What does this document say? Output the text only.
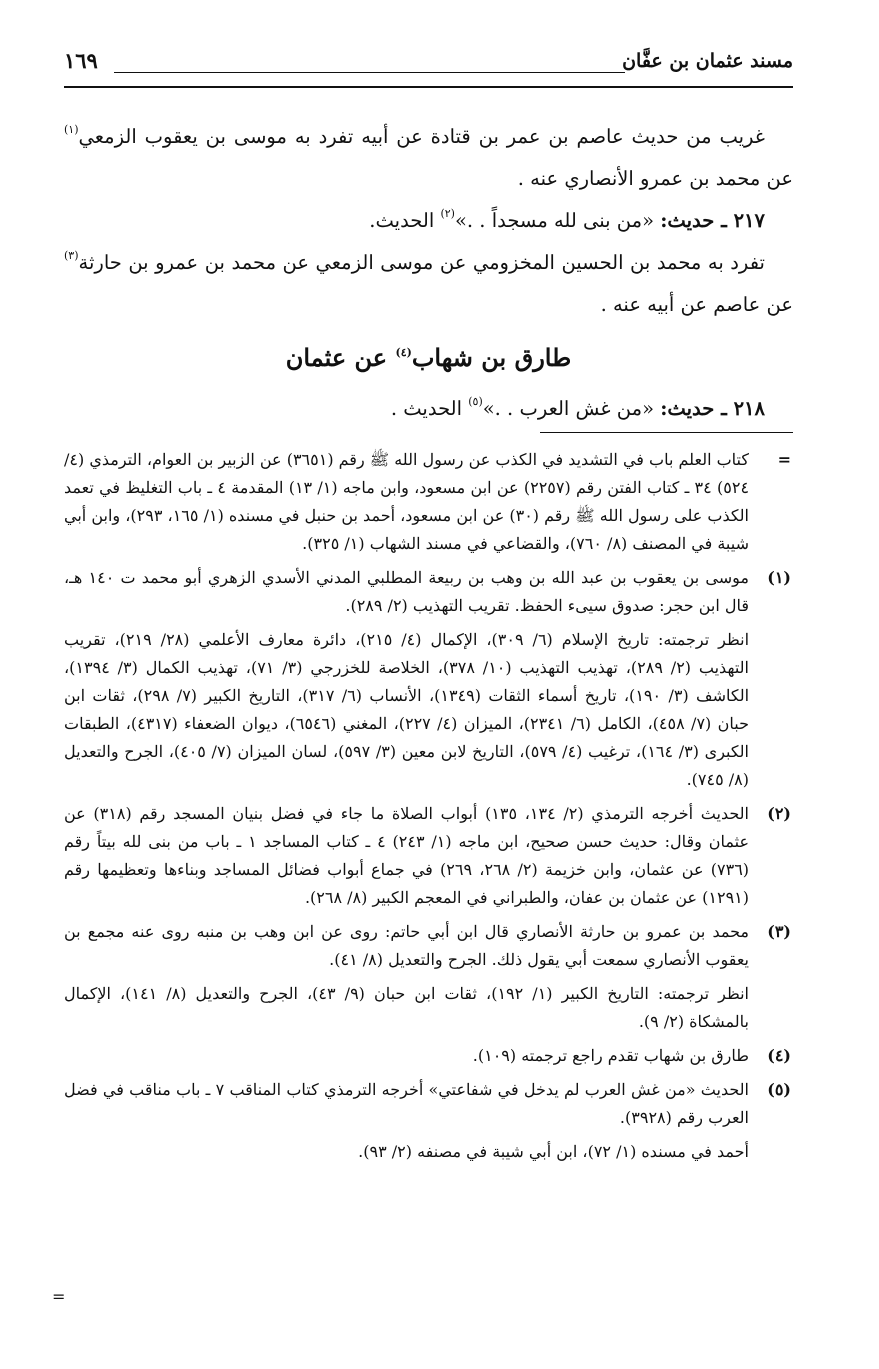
مسند عثمان بن عفَّان
١٦٩

غريب من حديث عاصم بن عمر بن قتادة عن أبيه تفرد به موسى بن يعقوب الزمعي$^{(١)}$ عن محمد بن عمرو الأنصاري عنه .

٢١٧ ـ حديث: «من بنى لله مسجداً . .»$^{(٢)}$ الحديث.

تفرد به محمد بن الحسين المخزومي عن موسى الزمعي عن محمد بن عمرو بن حارثة$^{(٣)}$ عن عاصم عن أبيه عنه .

طارق بن شهاب$^{(٤)}$ عن عثمان

٢١٨ ـ حديث: «من غش العرب . .»$^{(٥)}$ الحديث .

=

كتاب العلم باب في التشديد في الكذب عن رسول الله ﷺ رقم (٣٦٥١) عن الزبير بن العوام، الترمذي (٤/ ٥٢٤) ٣٤ ـ كتاب الفتن رقم (٢٢٥٧) عن ابن مسعود، وابن ماجه (١/ ١٣) المقدمة ٤ ـ باب التغليظ في تعمد الكذب على رسول الله ﷺ رقم (٣٠) عن ابن مسعود، أحمد بن حنبل في مسنده (١/ ١٦٥، ٢٩٣)، وابن أبي شيبة في المصنف (٨/ ٧٦٠)، والقضاعي في مسند الشهاب (١/ ٣٢٥).

(١)

موسى بن يعقوب بن عبد الله بن وهب بن ربيعة المطلبي المدني الأسدي الزهري أبو محمد ت ١٤٠ هـ، قال ابن حجر: صدوق سيىء الحفظ. تقريب التهذيب (٢/ ٢٨٩).

انظر ترجمته: تاريخ الإسلام (٦/ ٣٠٩)، الإكمال (٤/ ٢١٥)، دائرة معارف الأعلمي (٢٨/ ٢١٩)، تقريب التهذيب (٢/ ٢٨٩)، تهذيب التهذيب (١٠/ ٣٧٨)، الخلاصة للخزرجي (٣/ ٧١)، تهذيب الكمال (٣/ ١٣٩٤)، الكاشف (٣/ ١٩٠)، تاريخ أسماء الثقات (١٣٤٩)، الأنساب (٦/ ٣١٧)، التاريخ الكبير (٧/ ٢٩٨)، ثقات ابن حبان (٧/ ٤٥٨)، الكامل (٦/ ٢٣٤١)، الميزان (٤/ ٢٢٧)، المغني (٦٥٤٦)، ديوان الضعفاء (٤٣١٧)، الطبقات الكبرى (٣/ ١٦٤)، ترغيب (٤/ ٥٧٩)، التاريخ لابن معين (٣/ ٥٩٧)، لسان الميزان (٧/ ٤٠٥)، الجرح والتعديل (٨/ ٧٤٥).

(٢)

الحديث أخرجه الترمذي (٢/ ١٣٤، ١٣٥) أبواب الصلاة ما جاء في فضل بنيان المسجد رقم (٣١٨) عن عثمان وقال: حديث حسن صحيح، ابن ماجه (١/ ٢٤٣) ٤ ـ كتاب المساجد ١ ـ باب من بنى لله بيتاً رقم (٧٣٦) عن عثمان، وابن خزيمة (٢/ ٢٦٨، ٢٦٩) في جماع أبواب فضائل المساجد وبناءها وتعظيمها رقم (١٢٩١) عن عثمان بن عفان، والطبراني في المعجم الكبير (٨/ ٢٦٨).

(٣)

محمد بن عمرو بن حارثة الأنصاري قال ابن أبي حاتم: روى عن ابن وهب بن منبه روى عنه مجمع بن يعقوب الأنصاري سمعت أبي يقول ذلك. الجرح والتعديل (٨/ ٤١).

انظر ترجمته: التاريخ الكبير (١/ ١٩٢)، ثقات ابن حبان (٩/ ٤٣)، الجرح والتعديل (٨/ ١٤١)، الإكمال بالمشكاة (٢/ ٩).

(٤)

طارق بن شهاب تقدم راجع ترجمته (١٠٩).

(٥)

الحديث «من غش العرب لم يدخل في شفاعتي» أخرجه الترمذي كتاب المناقب ٧ ـ باب مناقب في فضل العرب رقم (٣٩٢٨).

أحمد في مسنده (١/ ٧٢)، ابن أبي شيبة في مصنفه (٢/ ٩٣).

=
